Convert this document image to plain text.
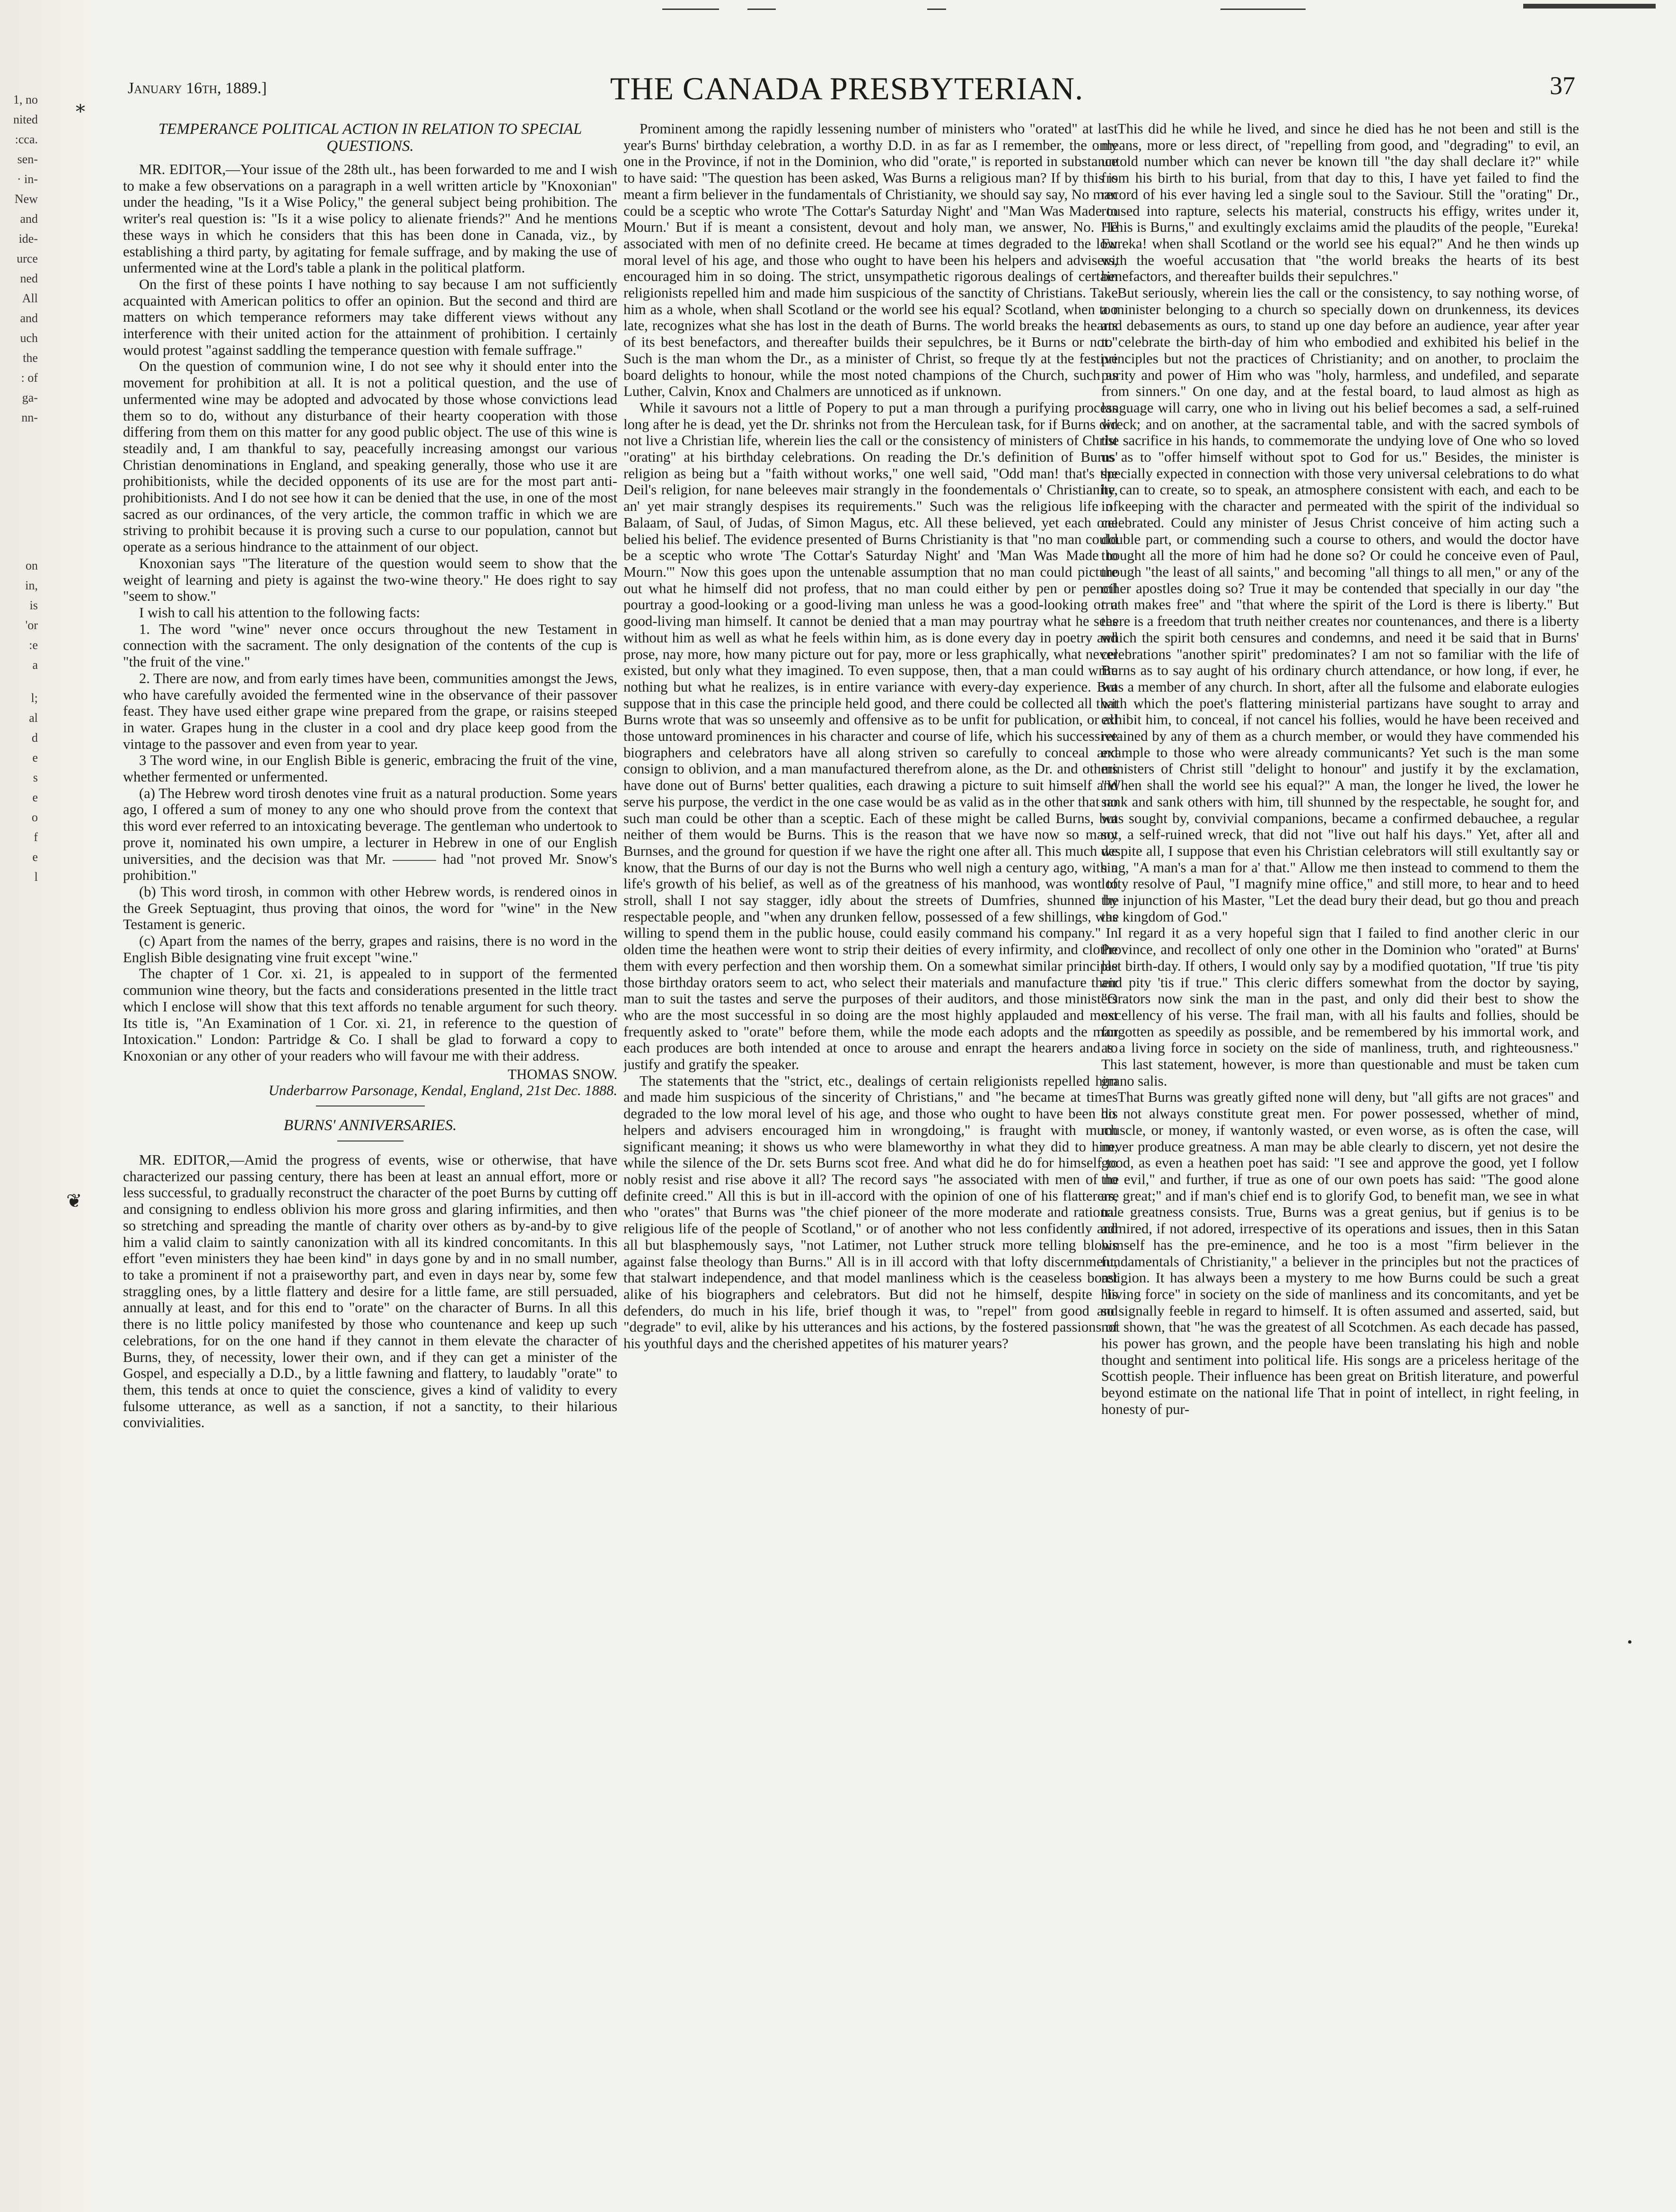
1, no
nited
:cca.
sen-
· in-
New
and
ide-
urce
ned
All
and
uch
the
: of
ga-
nn-
on
in,
is
'or
:e
a
l;
al
d
e
s
e
o
f
e
l
January 16th, 1889.]	THE CANADA PRESBYTERIAN.	37
TEMPERANCE POLITICAL ACTION IN RELATION TO SPECIAL QUESTIONS.

MR. EDITOR,—Your issue of the 28th ult., has been forwarded to me and I wish to make a few observations on a paragraph in a well written article by "Knoxonian" under the heading, "Is it a Wise Policy," the general subject being prohibition. The writer's real question is: "Is it a wise policy to alienate friends?" And he mentions these ways in which he considers that this has been done in Canada, viz., by establishing a third party, by agitating for female suffrage, and by making the use of unfermented wine at the Lord's table a plank in the political platform.

On the first of these points I have nothing to say because I am not sufficiently acquainted with American politics to offer an opinion. But the second and third are matters on which temperance reformers may take different views without any interference with their united action for the attainment of prohibition. I certainly would protest "against saddling the temperance question with female suffrage."

On the question of communion wine, I do not see why it should enter into the movement for prohibition at all. It is not a political question, and the use of unfermented wine may be adopted and advocated by those whose convictions lead them so to do, without any disturbance of their hearty cooperation with those differing from them on this matter for any good public object. The use of this wine is steadily and, I am thankful to say, peacefully increasing amongst our various Christian denominations in England, and speaking generally, those who use it are prohibitionists, while the decided opponents of its use are for the most part anti-prohibitionists. And I do not see how it can be denied that the use, in one of the most sacred as our ordinances, of the very article, the common traffic in which we are striving to prohibit because it is proving such a curse to our population, cannot but operate as a serious hindrance to the attainment of our object.

Knoxonian says "The literature of the question would seem to show that the weight of learning and piety is against the two-wine theory." He does right to say "seem to show."

I wish to call his attention to the following facts:

1. The word "wine" never once occurs throughout the new Testament in connection with the sacrament. The only designation of the contents of the cup is "the fruit of the vine."

2. There are now, and from early times have been, communities amongst the Jews, who have carefully avoided the fermented wine in the observance of their passover feast. They have used either grape wine prepared from the grape, or raisins steeped in water. Grapes hung in the cluster in a cool and dry place keep good from the vintage to the passover and even from year to year.

3 The word wine, in our English Bible is generic, embracing the fruit of the vine, whether fermented or unfermented.

(a) The Hebrew word tirosh denotes vine fruit as a natural production. Some years ago, I offered a sum of money to any one who should prove from the context that this word ever referred to an intoxicating beverage. The gentleman who undertook to prove it, nominated his own umpire, a lecturer in Hebrew in one of our English universities, and the decision was that Mr. ——— had "not proved Mr. Snow's prohibition."

(b) This word tirosh, in common with other Hebrew words, is rendered oinos in the Greek Septuagint, thus proving that oinos, the word for "wine" in the New Testament is generic.

(c) Apart from the names of the berry, grapes and raisins, there is no word in the English Bible designating vine fruit except "wine."

The chapter of 1 Cor. xi. 21, is appealed to in support of the fermented communion wine theory, but the facts and considerations presented in the little tract which I enclose will show that this text affords no tenable argument for such theory. Its title is, "An Examination of 1 Cor. xi. 21, in reference to the question of Intoxication." London: Partridge & Co. I shall be glad to forward a copy to Knoxonian or any other of your readers who will favour me with their address.

THOMAS SNOW.
Underbarrow Parsonage, Kendal, England, 21st Dec. 1888.
BURNS' ANNIVERSARIES.

MR. EDITOR,—Amid the progress of events, wise or otherwise, that have characterized our passing century, there has been at least an annual effort, more or less successful, to gradually reconstruct the character of the poet Burns by cutting off and consigning to endless oblivion his more gross and glaring infirmities, and then so stretching and spreading the mantle of charity over others as by-and-by to give him a valid claim to saintly canonization with all its kindred concomitants. In this effort "even ministers they hae been kind" in days gone by and in no small number, to take a prominent if not a praiseworthy part, and even in days near by, some few straggling ones, by a little flattery and desire for a little fame, are still persuaded, annually at least, and for this end to "orate" on the character of Burns. In all this there is no little policy manifested by those who countenance and keep up such celebrations, for on the one hand if they cannot in them elevate the character of Burns, they, of necessity, lower their own, and if they can get a minister of the Gospel, and especially a D.D., by a little fawning and flattery, to laudably "orate" to them, this tends at once to quiet the conscience, gives a kind of validity to every fulsome utterance, as well as a sanction, if not a sanctity, to their hilarious convivialities.

Prominent among the rapidly lessening number of ministers who "orated" at last year's Burns' birthday celebration, a worthy D.D. in as far as I remember, the only one in the Province, if not in the Dominion, who did "orate," is reported in substance to have said: "The question has been asked, Was Burns a religious man? If by this is meant a firm believer in the fundamentals of Christianity, we should say say, No man could be a sceptic who wrote 'The Cottar's Saturday Night' and "Man Was Made to Mourn.' But if is meant a consistent, devout and holy man, we answer, No. He associated with men of no definite creed. He became at times degraded to the low moral level of his age, and those who ought to have been his helpers and advisers, encouraged him in so doing. The strict, unsympathetic rigorous dealings of certain religionists repelled him and made him suspicious of the sanctity of Christians. Take him as a whole, when shall Scotland or the world see his equal? Scotland, when too late, recognizes what she has lost in the death of Burns. The world breaks the hearts of its best benefactors, and thereafter builds their sepulchres, be it Burns or not." Such is the man whom the Dr., as a minister of Christ, so freque tly at the festive board delights to honour, while the most noted champions of the Church, such as Luther, Calvin, Knox and Chalmers are unnoticed as if unknown.

While it savours not a little of Popery to put a man through a purifying process long after he is dead, yet the Dr. shrinks not from the Herculean task, for if Burns did not live a Christian life, wherein lies the call or the consistency of ministers of Christ "orating" at his birthday celebrations. On reading the Dr.'s definition of Burns' religion as being but a "faith without works," one well said, "Odd man! that's the Deil's religion, for nane beleeves mair strangly in the foondementals o' Christianity, an' yet mair strangly despises its requirements." Such was the religious life of Balaam, of Saul, of Judas, of Simon Magus, etc. All these believed, yet each one belied his belief. The evidence presented of Burns Christianity is that "no man could be a sceptic who wrote 'The Cottar's Saturday Night' and 'Man Was Made to Mourn.'" Now this goes upon the untenable assumption that no man could picture out what he himself did not profess, that no man could either by pen or pencil pourtray a good-looking or a good-living man unless he was a good-looking or a good-living man himself. It cannot be denied that a man may pourtray what he sees without him as well as what he feels within him, as is done every day in poetry and prose, nay more, how many picture out for pay, more or less graphically, what never existed, but only what they imagined. To even suppose, then, that a man could write nothing but what he realizes, is in entire variance with every-day experience. But suppose that in this case the principle held good, and there could be collected all that Burns wrote that was so unseemly and offensive as to be unfit for publication, or all those untoward prominences in his character and course of life, which his successive biographers and celebrators have all along striven so carefully to conceal and consign to oblivion, and a man manufactured therefrom alone, as the Dr. and others have done out of Burns' better qualities, each drawing a picture to suit himself and serve his purpose, the verdict in the one case would be as valid as in the other that no such man could be other than a sceptic. Each of these might be called Burns, but neither of them would be Burns. This is the reason that we have now so many Burnses, and the ground for question if we have the right one after all. This much we know, that the Burns of our day is not the Burns who well nigh a century ago, with a life's growth of his belief, as well as of the greatness of his manhood, was wont to stroll, shall I not say stagger, idly about the streets of Dumfries, shunned by respectable people, and "when any drunken fellow, possessed of a few shillings, was willing to spend them in the public house, could easily command his company." In olden time the heathen were wont to strip their deities of every infirmity, and clothe them with every perfection and then worship them. On a somewhat similar principle those birthday orators seem to act, who select their materials and manufacture their man to suit the tastes and serve the purposes of their auditors, and those ministers who are the most successful in so doing are the most highly applauded and most frequently asked to "orate" before them, while the mode each adopts and the man each produces are both intended at once to arouse and enrapt the hearers and to justify and gratify the speaker.

The statements that the "strict, etc., dealings of certain religionists repelled him and made him suspicious of the sincerity of Christians," and "he became at times degraded to the low moral level of his age, and those who ought to have been his helpers and advisers encouraged him in wrongdoing," is fraught with much significant meaning; it shows us who were blameworthy in what they did to him, while the silence of the Dr. sets Burns scot free. And what did he do for himself to nobly resist and rise above it all? The record says "he associated with men of no definite creed." All this is but in ill-accord with the opinion of one of his flatterers, who "orates" that Burns was "the chief pioneer of the more moderate and rational religious life of the people of Scotland," or of another who not less confidently and all but blasphemously says, "not Latimer, not Luther struck more telling blows against false theology than Burns." All is in ill accord with that lofty discernment, that stalwart independence, and that model manliness which is the ceaseless boast alike of his biographers and celebrators. But did not he himself, despite his defenders, do much in his life, brief though it was, to "repel" from good and "degrade" to evil, alike by his utterances and his actions, by the fostered passions of his youthful days and the cherished appetites of his maturer years?

This did he while he lived, and since he died has he not been and still is the means, more or less direct, of "repelling from good, and "degrading" to evil, an untold number which can never be known till "the day shall declare it?" while from his birth to his burial, from that day to this, I have yet failed to find the record of his ever having led a single soul to the Saviour. Still the "orating" Dr., roused into rapture, selects his material, constructs his effigy, writes under it, "This is Burns," and exultingly exclaims amid the plaudits of the people, "Eureka! Eureka! when shall Scotland or the world see his equal?" And he then winds up with the woeful accusation that "the world breaks the hearts of its best benefactors, and thereafter builds their sepulchres."

But seriously, wherein lies the call or the consistency, to say nothing worse, of a minister belonging to a church so specially down on drunkenness, its devices and debasements as ours, to stand up one day before an audience, year after year to celebrate the birth-day of him who embodied and exhibited his belief in the principles but not the practices of Christianity; and on another, to proclaim the purity and power of Him who was "holy, harmless, and undefiled, and separate from sinners." On one day, and at the festal board, to laud almost as high as language will carry, one who in living out his belief becomes a sad, a self-ruined wreck; and on another, at the sacramental table, and with the sacred symbols of the sacrifice in his hands, to commemorate the undying love of One who so loved us as to "offer himself without spot to God for us." Besides, the minister is specially expected in connection with those very universal celebrations to do what he can to create, so to speak, an atmosphere consistent with each, and each to be in keeping with the character and permeated with the spirit of the individual so celebrated. Could any minister of Jesus Christ conceive of him acting such a double part, or commending such a course to others, and would the doctor have thought all the more of him had he done so? Or could he conceive even of Paul, though "the least of all saints," and becoming "all things to all men," or any of the other apostles doing so? True it may be contended that specially in our day "the truth makes free" and "that where the spirit of the Lord is there is liberty." But there is a freedom that truth neither creates nor countenances, and there is a liberty which the spirit both censures and condemns, and need it be said that in Burns' celebrations "another spirit" predominates? I am not so familiar with the life of Burns as to say aught of his ordinary church attendance, or how long, if ever, he was a member of any church. In short, after all the fulsome and elaborate eulogies with which the poet's flattering ministerial partizans have sought to array and exhibit him, to conceal, if not cancel his follies, would he have been received and retained by any of them as a church member, or would they have commended his example to those who were already communicants? Yet such is the man some ministers of Christ still "delight to honour" and justify it by the exclamation, "When shall the world see his equal?" A man, the longer he lived, the lower he sank and sank others with him, till shunned by the respectable, he sought for, and was sought by, convivial companions, became a confirmed debauchee, a regular sot, a self-ruined wreck, that did not "live out half his days." Yet, after all and despite all, I suppose that even his Christian celebrators will still exultantly say or sing, "A man's a man for a' that." Allow me then instead to commend to them the lofty resolve of Paul, "I magnify mine office," and still more, to hear and to heed the injunction of his Master, "Let the dead bury their dead, but go thou and preach the kingdom of God."

I regard it as a very hopeful sign that I failed to find another cleric in our Province, and recollect of only one other in the Dominion who "orated" at Burns' last birth-day. If others, I would only say by a modified quotation, "If true 'tis pity and pity 'tis if true." This cleric differs somewhat from the doctor by saying, "Orators now sink the man in the past, and only did their best to show the excellency of his verse. The frail man, with all his faults and follies, should be forgotten as speedily as possible, and be remembered by his immortal work, and as a living force in society on the side of manliness, truth, and righteousness." This last statement, however, is more than questionable and must be taken cum grano salis.

That Burns was greatly gifted none will deny, but "all gifts are not graces" and do not always constitute great men. For power possessed, whether of mind, muscle, or money, if wantonly wasted, or even worse, as is often the case, will never produce greatness. A man may be able clearly to discern, yet not desire the good, as even a heathen poet has said: "I see and approve the good, yet I follow the evil," and further, if true as one of our own poets has said: "The good alone are great;" and if man's chief end is to glorify God, to benefit man, we see in what true greatness consists. True, Burns was a great genius, but if genius is to be admired, if not adored, irrespective of its operations and issues, then in this Satan himself has the pre-eminence, and he too is a most "firm believer in the fundamentals of Christianity," a believer in the principles but not the practices of religion. It has always been a mystery to me how Burns could be such a great "living force" in society on the side of manliness and its concomitants, and yet be so signally feeble in regard to himself. It is often assumed and asserted, said, but not shown, that "he was the greatest of all Scotchmen. As each decade has passed, his power has grown, and the people have been translating his high and noble thought and sentiment into political life. His songs are a priceless heritage of the Scottish people. Their influence has been great on British literature, and powerful beyond estimate on the national life That in point of intellect, in right feeling, in honesty of pur-

⁎
❦
•
